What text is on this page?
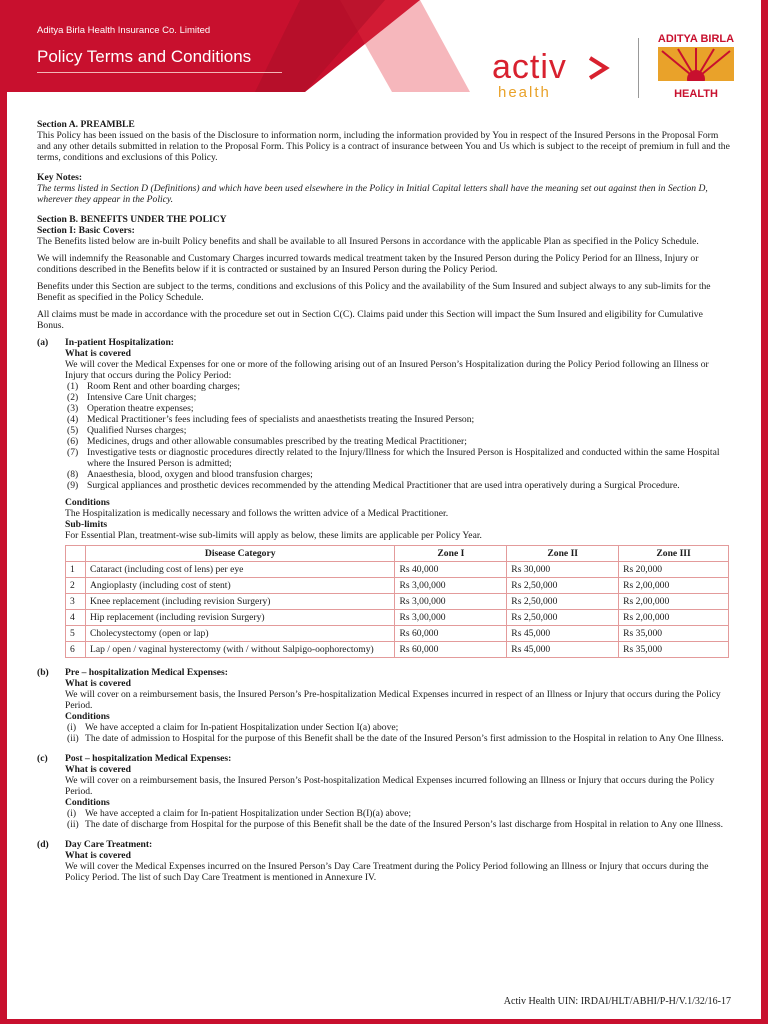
Aditya Birla Health Insurance Co. Limited
Policy Terms and Conditions	activ
health
ADITYA BIRLA
HEALTH

Section A. PREAMBLE

This Policy has been issued on the basis of the Disclosure to information norm, including the information provided by You in respect of the Insured Persons in the Proposal Form and any other details submitted in relation to the Proposal Form. This Policy is a contract of insurance between You and Us which is subject to the receipt of premium in full and the terms, conditions and exclusions of this Policy.

Key Notes:

The terms listed in Section D (Definitions) and which have been used elsewhere in the Policy in Initial Capital letters shall have the meaning set out against then in Section D, wherever they appear in the Policy.

Section B. BENEFITS UNDER THE POLICY

Section I: Basic Covers:

The Benefits listed below are in-built Policy benefits and shall be available to all Insured Persons in accordance with the applicable Plan as specified in the Policy Schedule.

We will indemnify the Reasonable and Customary Charges incurred towards medical treatment taken by the Insured Person during the Policy Period for an Illness, Injury or conditions described in the Benefits below if it is contracted or sustained by an Insured Person during the Policy Period.

Benefits under this Section are subject to the terms, conditions and exclusions of this Policy and the availability of the Sum Insured and subject always to any sub-limits for the Benefit as specified in the Policy Schedule.

All claims must be made in accordance with the procedure set out in Section C(C). Claims paid under this Section will impact the Sum Insured and eligibility for Cumulative Bonus.

(a)	In-patient Hospitalization:

What is covered

We will cover the Medical Expenses for one or more of the following arising out of an Insured Person’s Hospitalization during the Policy Period following an Illness or Injury that occurs during the Policy Period:

(1) Room Rent and other boarding charges;
(2) Intensive Care Unit charges;
(3) Operation theatre expenses;
(4) Medical Practitioner’s fees including fees of specialists and anaesthetists treating the Insured Person;
(5) Qualified Nurses charges;
(6) Medicines, drugs and other allowable consumables prescribed by the treating Medical Practitioner;
(7) Investigative tests or diagnostic procedures directly related to the Injury/Illness for which the Insured Person is Hospitalized and conducted within the same Hospital where the Insured Person is admitted;
(8) Anaesthesia, blood, oxygen and blood transfusion charges;
(9) Surgical appliances and prosthetic devices recommended by the attending Medical Practitioner that are used intra operatively during a Surgical Procedure.

Conditions

The Hospitalization is medically necessary and follows the written advice of a Medical Practitioner.

Sub-limits

For Essential Plan, treatment-wise sub-limits will apply as below, these limits are applicable per Policy Year.

	Disease Category	Zone I	Zone II	Zone III
1	Cataract (including cost of lens) per eye	Rs 40,000	Rs 30,000	Rs 20,000
2	Angioplasty (including cost of stent)	Rs 3,00,000	Rs 2,50,000	Rs 2,00,000
3	Knee replacement (including revision Surgery)	Rs 3,00,000	Rs 2,50,000	Rs 2,00,000
4	Hip replacement (including revision Surgery)	Rs 3,00,000	Rs 2,50,000	Rs 2,00,000
5	Cholecystectomy (open or lap)	Rs 60,000	Rs 45,000	Rs 35,000
6	Lap / open / vaginal hysterectomy (with / without Salpigo-oophorectomy)	Rs 60,000	Rs 45,000	Rs 35,000
(b)	Pre – hospitalization Medical Expenses:

What is covered

We will cover on a reimbursement basis, the Insured Person’s Pre-hospitalization Medical Expenses incurred in respect of an Illness or Injury that occurs during the Policy Period.

Conditions

(i) We have accepted a claim for In-patient Hospitalization under Section I(a) above;
(ii) The date of admission to Hospital for the purpose of this Benefit shall be the date of the Insured Person’s first admission to the Hospital in relation to Any One Illness.
(c)	Post – hospitalization Medical Expenses:

What is covered

We will cover on a reimbursement basis, the Insured Person’s Post-hospitalization Medical Expenses incurred following an Illness or Injury that occurs during the Policy Period.

Conditions

(i) We have accepted a claim for In-patient Hospitalization under Section B(I)(a) above;
(ii) The date of discharge from Hospital for the purpose of this Benefit shall be the date of the Insured Person’s last discharge from Hospital in relation to Any one Illness.
(d)	Day Care Treatment:

What is covered

We will cover the Medical Expenses incurred on the Insured Person’s Day Care Treatment during the Policy Period following an Illness or Injury that occurs during the Policy Period. The list of such Day Care Treatment is mentioned in Annexure IV.

Activ Health UIN: IRDAI/HLT/ABHI/P-H/V.1/32/16-17
